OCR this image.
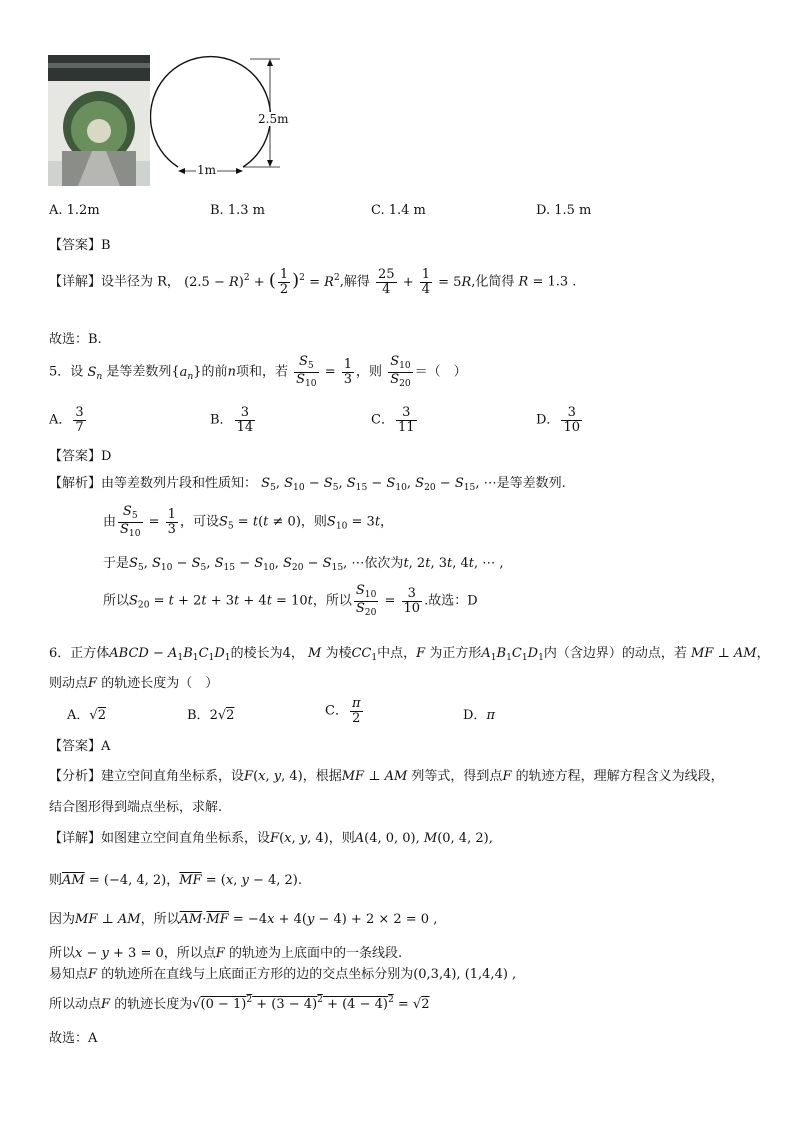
2.5m
1m
A. 1.2m	B. 1.3 m	C. 1.4 m	D. 1.5 m
【答案】B
【详解】设半径为 R， $(2.5 - R)^2$ + ( $\frac{1}{2} )^2 = R^2$,解得 $\frac{25}{4} + \frac{1}{4} = 5R$,化简得 R = 1.3 .
故选：B.
5．设 $S_n$ 是等差数列$\{a_n\}$的前n项和，若 $\frac{S_5}{S_{10}} = \frac{1}{3}$ ，则 $\frac{S_{10}}{S_{20}}$ ＝（　）
A． $\frac{3}{7}$	B． $\frac{3}{14}$	C． $\frac{3}{11}$	D． $\frac{3}{10}$
【答案】D
【解析】由等差数列片段和性质知： $S_5$, $S_{10} - S_5$, $S_{15} - S_{10}$, $S_{20} - S_{15}$, ⋯是等差数列.
由 $\frac{S_5}{S_{10}} = \frac{1}{3}$ ，可设$S_5 = t(t \ne 0)$，则$S_{10} = 3t$，
于是$S_5$, $S_{10} - S_5$, $S_{15} - S_{10}$, $S_{20} - S_{15}$, ⋯依次为t, 2t, 3t, 4t, ⋯ ,
所以$S_{20} = t + 2t + 3t + 4t = 10t$，所以 $\frac{S_{10}}{S_{20}} = \frac{3}{10}$ .故选：D
6．正方体ABCD − $A_1B_1C_1D_1$的棱长为4， M 为棱$CC_1$中点，F 为正方形$A_1B_1C_1D_1$内（含边界）的动点，若 MF ⊥ AM，
则动点F 的轨迹长度为（　）
A．√2	B．2√2	C． $\frac{\pi}{2}$	D．π
【答案】A
【分析】建立空间直角坐标系，设F(x, y, 4)，根据MF ⊥ AM 列等式，得到点F 的轨迹方程，理解方程含义为线段，
结合图形得到端点坐标，求解.
【详解】如图建立空间直角坐标系，设F(x, y, 4)，则A(4, 0, 0), M(0, 4, 2),
则$\overline{AM} = (-4$, 4, 2)，$\overline{MF} = (x$, y − 4, 2).
因为MF ⊥ AM，所以$\overline{AM}\cdot\overline{MF} = -4x + 4(y - 4) + 2 \times 2 = 0$ ,
所以x − y + 3 = 0，所以点F 的轨迹为上底面中的一条线段.
易知点F 的轨迹所在直线与上底面正方形的边的交点坐标分别为(0,3,4), (1,4,4) ,
所以动点F 的轨迹长度为$√(0 - 1)^2 + (3 - 4)^2 + (4 - 4)^2 = √2$
故选：A
